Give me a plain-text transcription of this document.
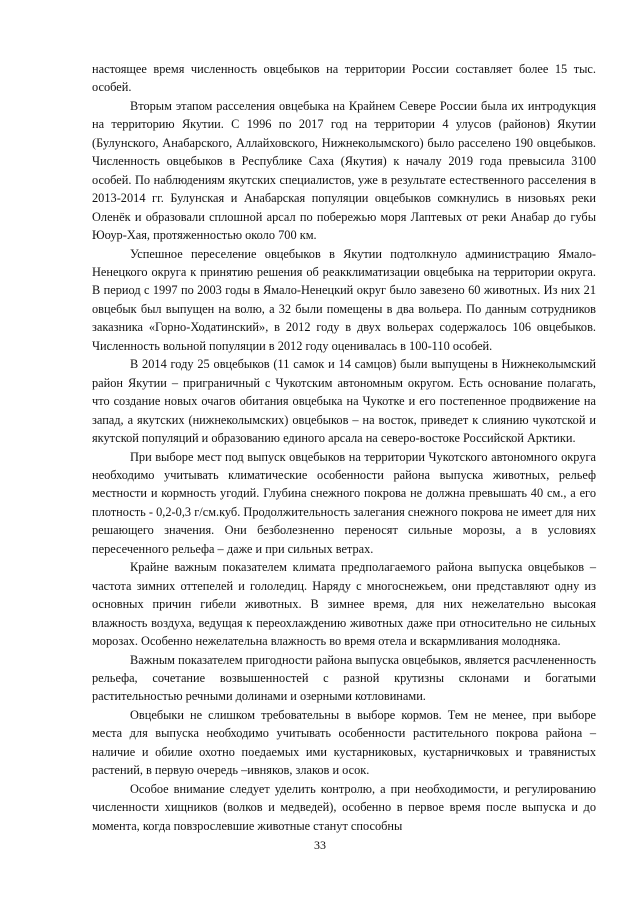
настоящее время численность овцебыков на территории России составляет более 15 тыс. особей.

Вторым этапом расселения овцебыка на Крайнем Севере России была их интродукция на территорию Якутии. С 1996 по 2017 год на территории 4 улусов (районов) Якутии (Булунского, Анабарского, Аллайховского, Нижнеколымского) было расселено 190 овцебыков. Численность овцебыков в Республике Саха (Якутия) к началу 2019 года превысила 3100 особей. По наблюдениям якутских специалистов, уже в результате естественного расселения в 2013-2014 гг. Булунская и Анабарская популяции овцебыков сомкнулись в низовьях реки Оленёк и образовали сплошной арсал по побережью моря Лаптевых от реки Анабар до губы Юоур-Хая, протяженностью около 700 км.

Успешное переселение овцебыков в Якутии подтолкнуло администрацию Ямало-Ненецкого округа к принятию решения об реакклиматизации овцебыка на территории округа. В период с 1997 по 2003 годы в Ямало-Ненецкий округ было завезено 60 животных. Из них 21 овцебык был выпущен на волю, а 32 были помещены в два вольера. По данным сотрудников заказника «Горно-Ходатинский», в 2012 году в двух вольерах содержалось 106 овцебыков. Численность вольной популяции в 2012 году оценивалась в 100-110 особей.

В 2014 году 25 овцебыков (11 самок и 14 самцов) были выпущены в Нижнеколымский район Якутии – приграничный с Чукотским автономным округом. Есть основание полагать, что создание новых очагов обитания овцебыка на Чукотке и его постепенное продвижение на запад, а якутских (нижнеколымских) овцебыков – на восток, приведет к слиянию чукотской и якутской популяций и образованию единого арсала на северо-востоке Российской Арктики.

При выборе мест под выпуск овцебыков на территории Чукотского автономного округа необходимо учитывать климатические особенности района выпуска животных, рельеф местности и кормность угодий. Глубина снежного покрова не должна превышать 40 см., а его плотность - 0,2-0,3 г/см.куб. Продолжительность залегания снежного покрова не имеет для них решающего значения. Они безболезненно переносят сильные морозы, а в условиях пересеченного рельефа – даже и при сильных ветрах.

Крайне важным показателем климата предполагаемого района выпуска овцебыков – частота зимних оттепелей и гололедиц. Наряду с многоснежьем, они представляют одну из основных причин гибели животных. В зимнее время, для них нежелательно высокая влажность воздуха, ведущая к переохлаждению животных даже при относительно не сильных морозах. Особенно нежелательна влажность во время отела и вскармливания молодняка.

Важным показателем пригодности района выпуска овцебыков, является расчлененность рельефа, сочетание возвышенностей с разной крутизны склонами и богатыми растительностью речными долинами и озерными котловинами.

Овцебыки не слишком требовательны в выборе кормов. Тем не менее, при выборе места для выпуска необходимо учитывать особенности растительного покрова района – наличие и обилие охотно поедаемых ими кустарниковых, кустарничковых и травянистых растений, в первую очередь –ивняков, злаков и осок.

Особое внимание следует уделить контролю, а при необходимости, и регулированию численности хищников (волков и медведей), особенно в первое время после выпуска и до момента, когда повзрослевшие животные станут способны

33
